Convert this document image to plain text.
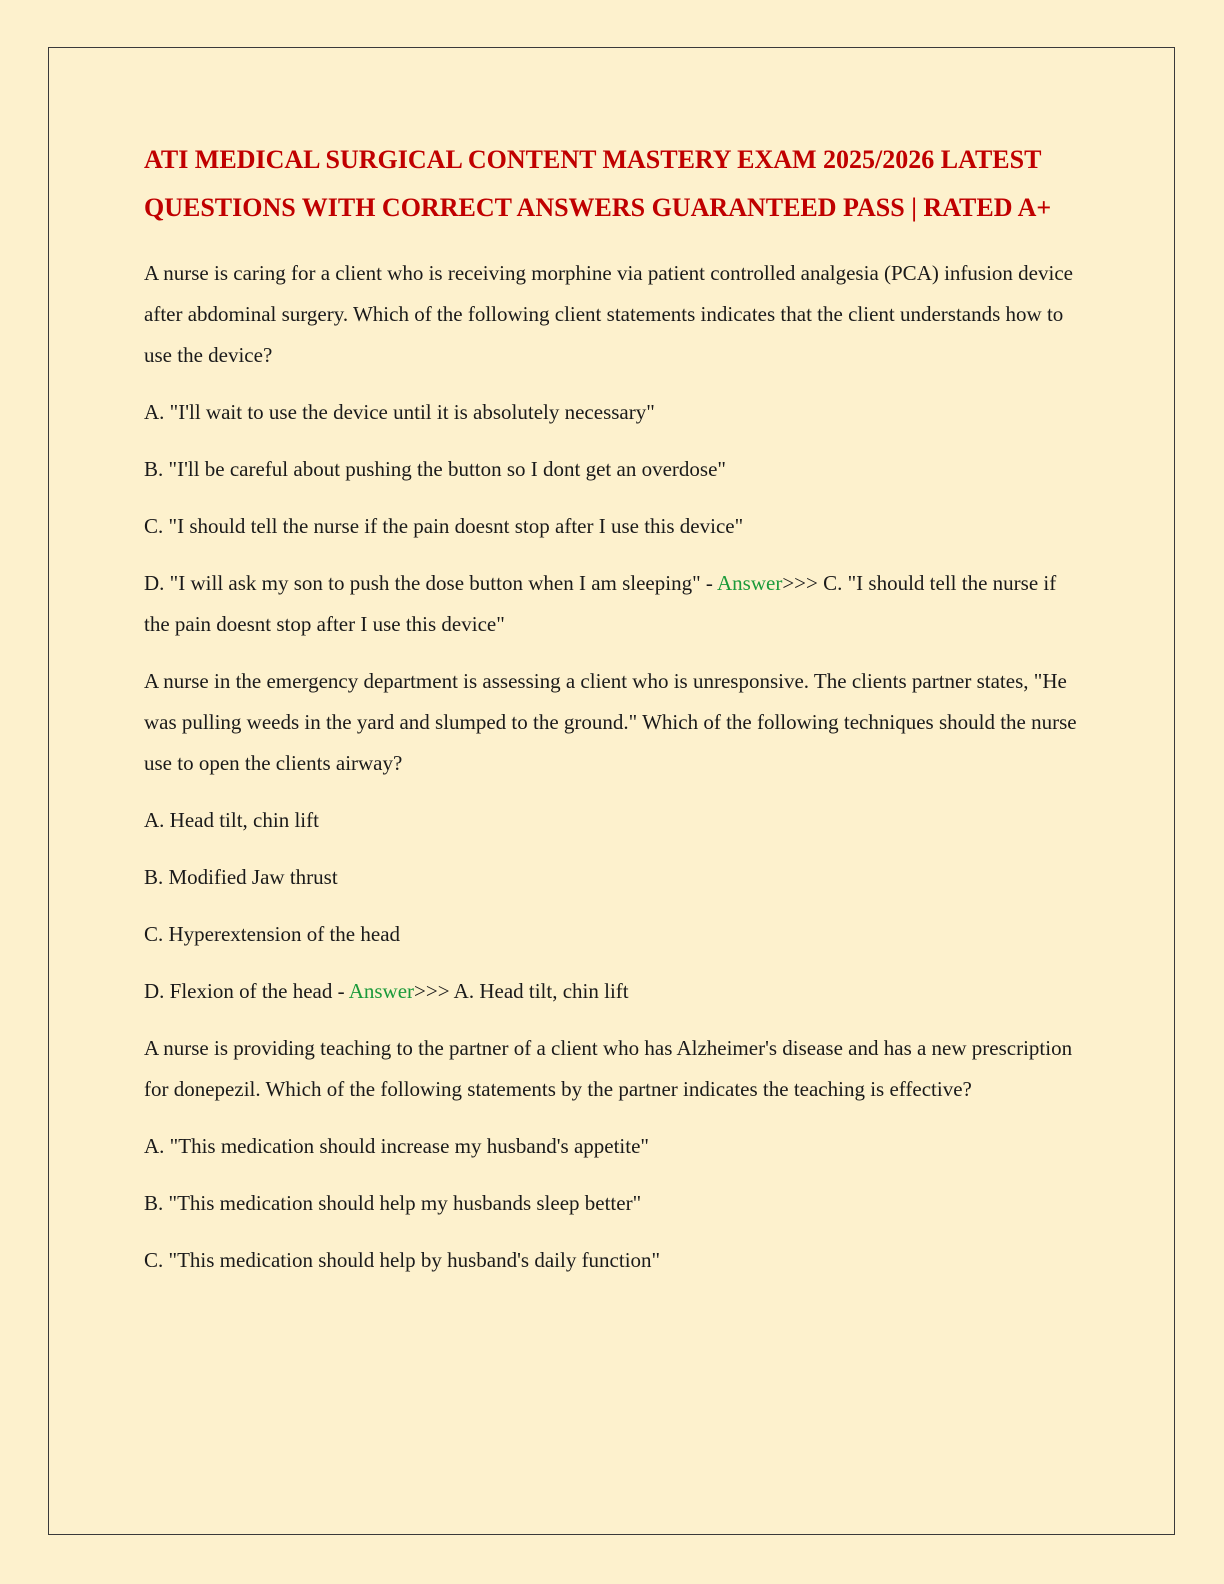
ATI MEDICAL SURGICAL CONTENT MASTERY EXAM 2025/2026 LATEST QUESTIONS WITH CORRECT ANSWERS GUARANTEED PASS | RATED A+

A nurse is caring for a client who is receiving morphine via patient controlled analgesia (PCA) infusion device after abdominal surgery. Which of the following client statements indicates that the client understands how to use the device?

A. "I'll wait to use the device until it is absolutely necessary"

B. "I'll be careful about pushing the button so I dont get an overdose"

C. "I should tell the nurse if the pain doesnt stop after I use this device"

D. "I will ask my son to push the dose button when I am sleeping" - Answer>>> C. "I should tell the nurse if the pain doesnt stop after I use this device"

A nurse in the emergency department is assessing a client who is unresponsive. The clients partner states, "He was pulling weeds in the yard and slumped to the ground." Which of the following techniques should the nurse use to open the clients airway?

A. Head tilt, chin lift

B. Modified Jaw thrust

C. Hyperextension of the head

D. Flexion of the head - Answer>>> A. Head tilt, chin lift

A nurse is providing teaching to the partner of a client who has Alzheimer's disease and has a new prescription for donepezil. Which of the following statements by the partner indicates the teaching is effective?

A. "This medication should increase my husband's appetite"

B. "This medication should help my husbands sleep better"

C. "This medication should help by husband's daily function"
